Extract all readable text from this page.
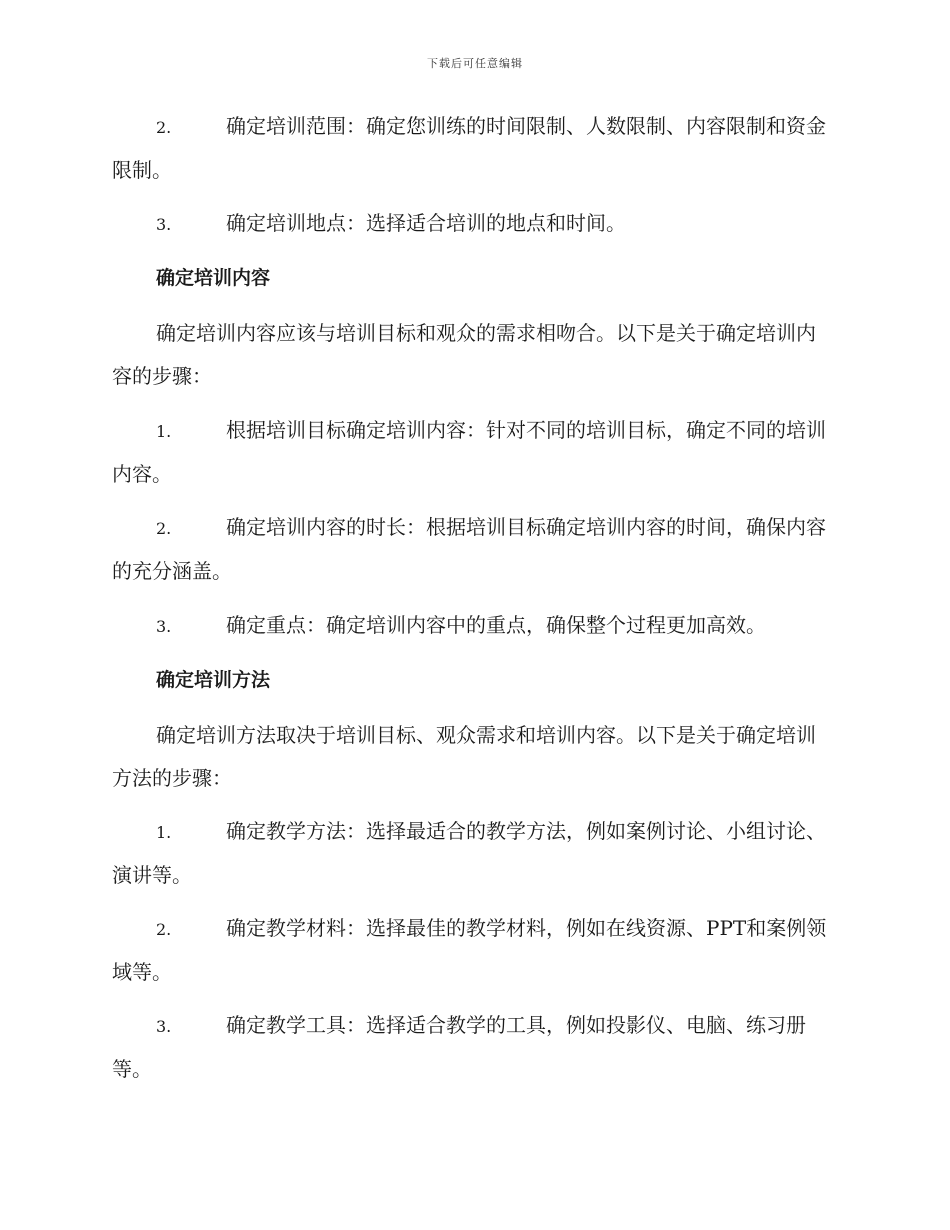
下载后可任意编辑
2.	确定培训范围：确定您训练的时间限制、人数限制、内容限制和资金限制。
3.	确定培训地点：选择适合培训的地点和时间。
确定培训内容
确定培训内容应该与培训目标和观众的需求相吻合。以下是关于确定培训内容的步骤：
1.	根据培训目标确定培训内容：针对不同的培训目标，确定不同的培训内容。
2.	确定培训内容的时长：根据培训目标确定培训内容的时间，确保内容的充分涵盖。
3.	确定重点：确定培训内容中的重点，确保整个过程更加高效。
确定培训方法
确定培训方法取决于培训目标、观众需求和培训内容。以下是关于确定培训方法的步骤：
1.	确定教学方法：选择最适合的教学方法，例如案例讨论、小组讨论、演讲等。
2.	确定教学材料：选择最佳的教学材料，例如在线资源、PPT和案例领域等。
3.	确定教学工具：选择适合教学的工具，例如投影仪、电脑、练习册等。
